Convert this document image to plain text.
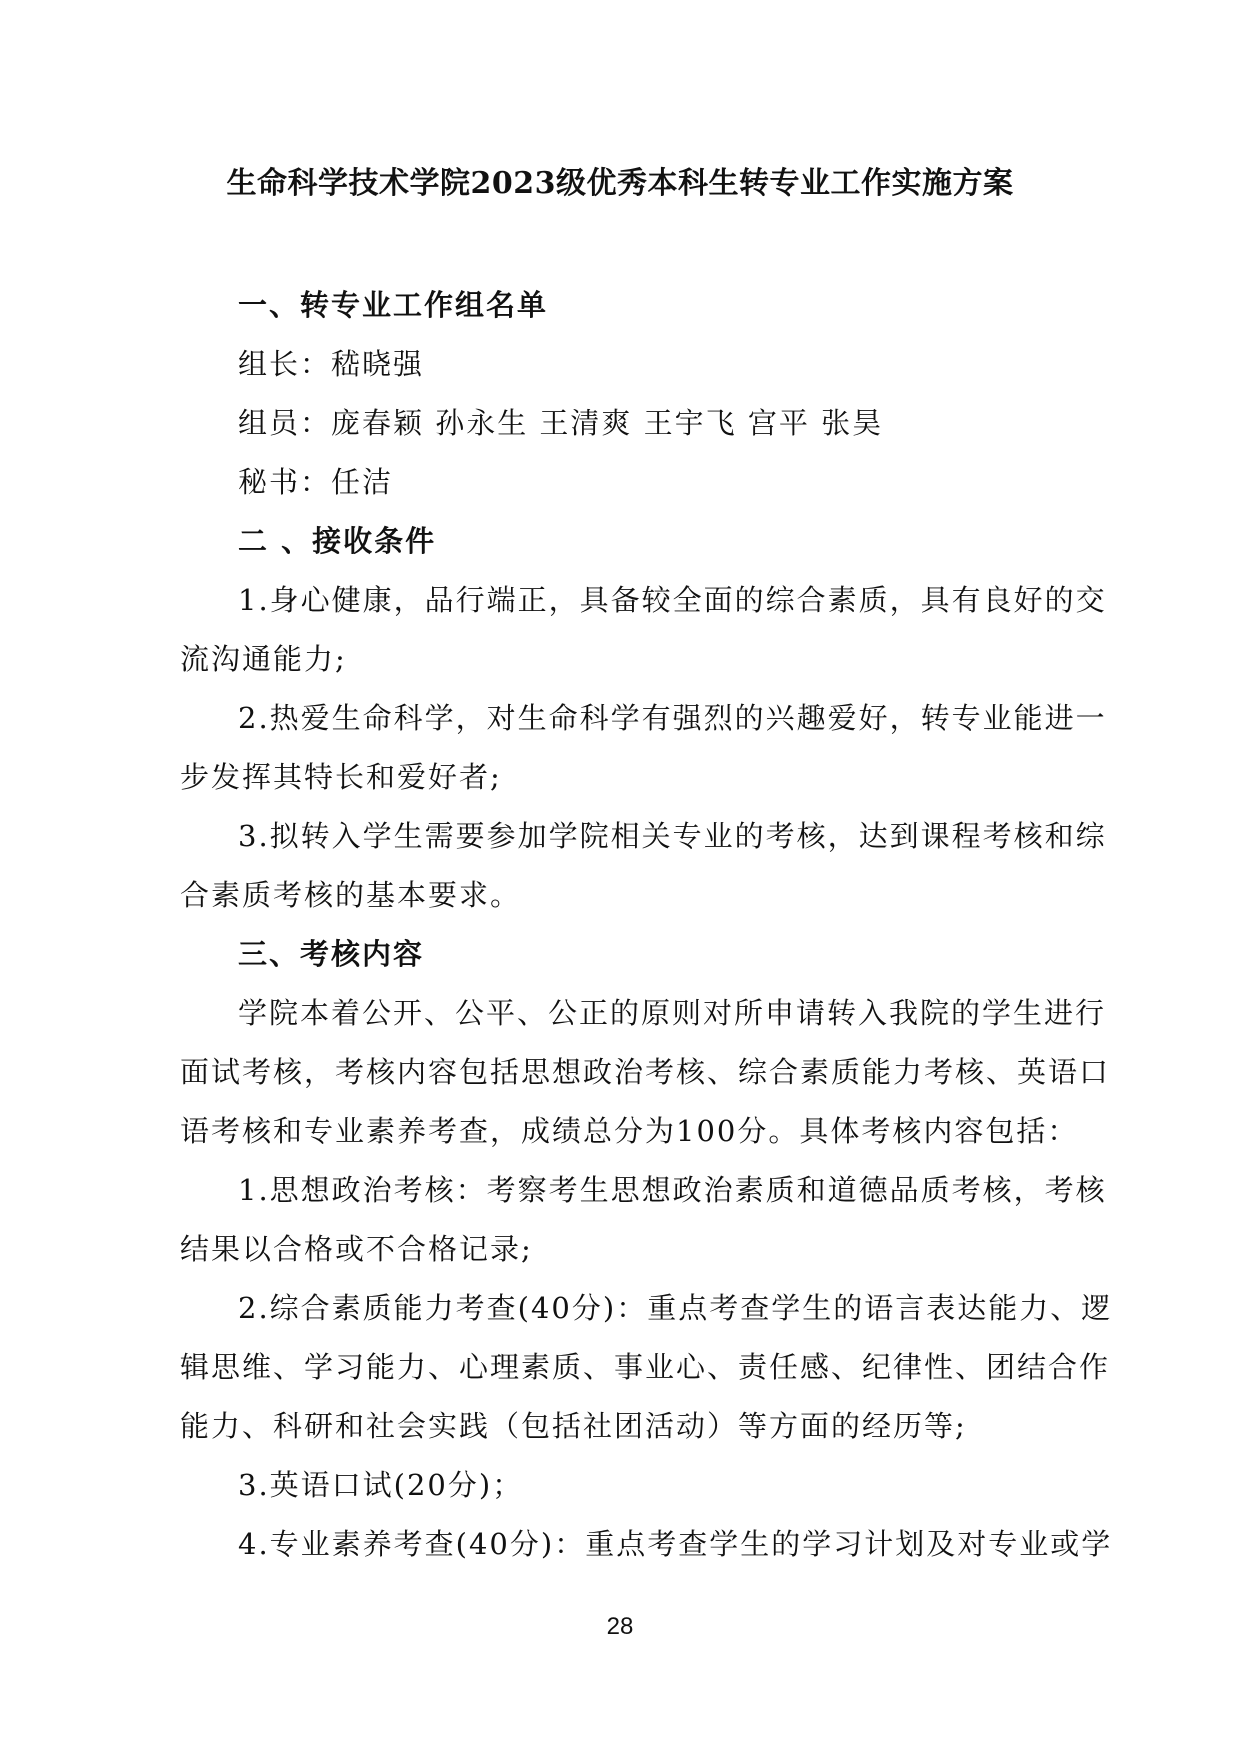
生命科学技术学院2023级优秀本科生转专业工作实施方案

一、转专业工作组名单

组长：嵇晓强

组员：庞春颖 孙永生 王清爽 王宇飞 宫平 张昊

秘书：任洁

二 、接收条件

1.身心健康，品行端正，具备较全面的综合素质，具有良好的交

流沟通能力;

2.热爱生命科学，对生命科学有强烈的兴趣爱好，转专业能进一

步发挥其特长和爱好者;

3.拟转入学生需要参加学院相关专业的考核，达到课程考核和综

合素质考核的基本要求。

三、考核内容

学院本着公开、公平、公正的原则对所申请转入我院的学生进行

面试考核，考核内容包括思想政治考核、综合素质能力考核、英语口

语考核和专业素养考查，成绩总分为100分。具体考核内容包括：

1.思想政治考核：考察考生思想政治素质和道德品质考核，考核

结果以合格或不合格记录;

2.综合素质能力考查(40分)：重点考查学生的语言表达能力、逻

辑思维、学习能力、心理素质、事业心、责任感、纪律性、团结合作

能力、科研和社会实践（包括社团活动）等方面的经历等;

3.英语口试(20分)；

4.专业素养考查(40分)：重点考查学生的学习计划及对专业或学

28
